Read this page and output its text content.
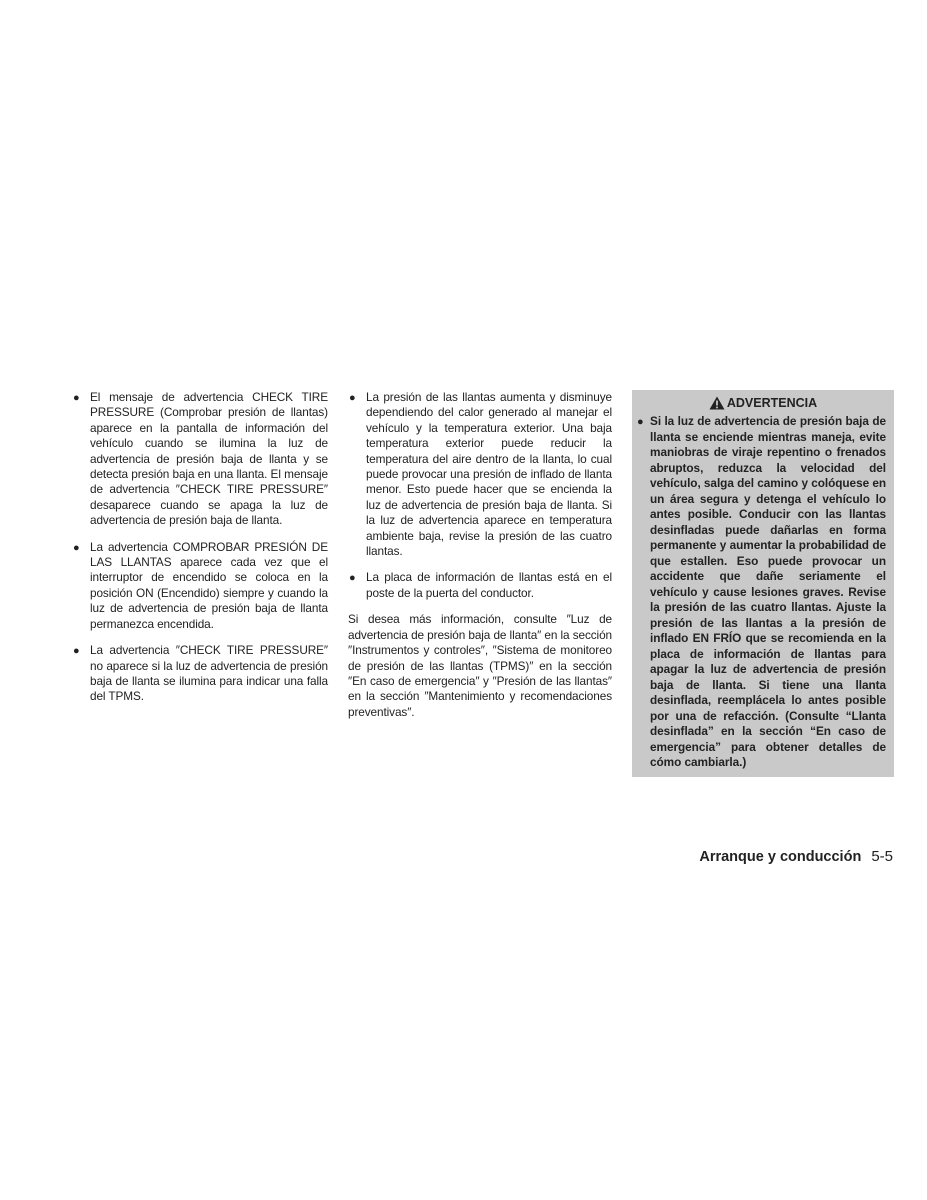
● El mensaje de advertencia CHECK TIRE PRESSURE (Comprobar presión de llantas) aparece en la pantalla de información del vehículo cuando se ilumina la luz de advertencia de presión baja de llanta y se detecta presión baja en una llanta. El mensaje de advertencia ″CHECK TIRE PRESSURE″ desaparece cuando se apaga la luz de advertencia de presión baja de llanta.
● La advertencia COMPROBAR PRESIÓN DE LAS LLANTAS aparece cada vez que el interruptor de encendido se coloca en la posición ON (Encendido) siempre y cuando la luz de advertencia de presión baja de llanta permanezca encendida.
● La advertencia ″CHECK TIRE PRESSURE″ no aparece si la luz de advertencia de presión baja de llanta se ilumina para indicar una falla del TPMS.
● La presión de las llantas aumenta y disminuye dependiendo del calor generado al manejar el vehículo y la temperatura exterior. Una baja temperatura exterior puede reducir la temperatura del aire dentro de la llanta, lo cual puede provocar una presión de inflado de llanta menor. Esto puede hacer que se encienda la luz de advertencia de presión baja de llanta. Si la luz de advertencia aparece en temperatura ambiente baja, revise la presión de las cuatro llantas.
● La placa de información de llantas está en el poste de la puerta del conductor.

Si desea más información, consulte ″Luz de advertencia de presión baja de llanta″ en la sección ″Instrumentos y controles″, ″Sistema de monitoreo de presión de las llantas (TPMS)″ en la sección ″En caso de emergencia″ y ″Presión de las llantas″ en la sección ″Mantenimiento y recomendaciones preventivas″.

ADVERTENCIA
● Si la luz de advertencia de presión baja de llanta se enciende mientras maneja, evite maniobras de viraje repentino o frenados abruptos, reduzca la velocidad del vehículo, salga del camino y colóquese en un área segura y detenga el vehículo lo antes posible. Conducir con las llantas desinfladas puede dañarlas en forma permanente y aumentar la probabilidad de que estallen. Eso puede provocar un accidente que dañe seriamente el vehículo y cause lesiones graves. Revise la presión de las cuatro llantas. Ajuste la presión de las llantas a la presión de inflado EN FRÍO que se recomienda en la placa de información de llantas para apagar la luz de advertencia de presión baja de llanta. Si tiene una llanta desinflada, reemplácela lo antes posible por una de refacción. (Consulte “Llanta desinflada” en la sección “En caso de emergencia” para obtener detalles de cómo cambiarla.)
Arranque y conducción 5-5
